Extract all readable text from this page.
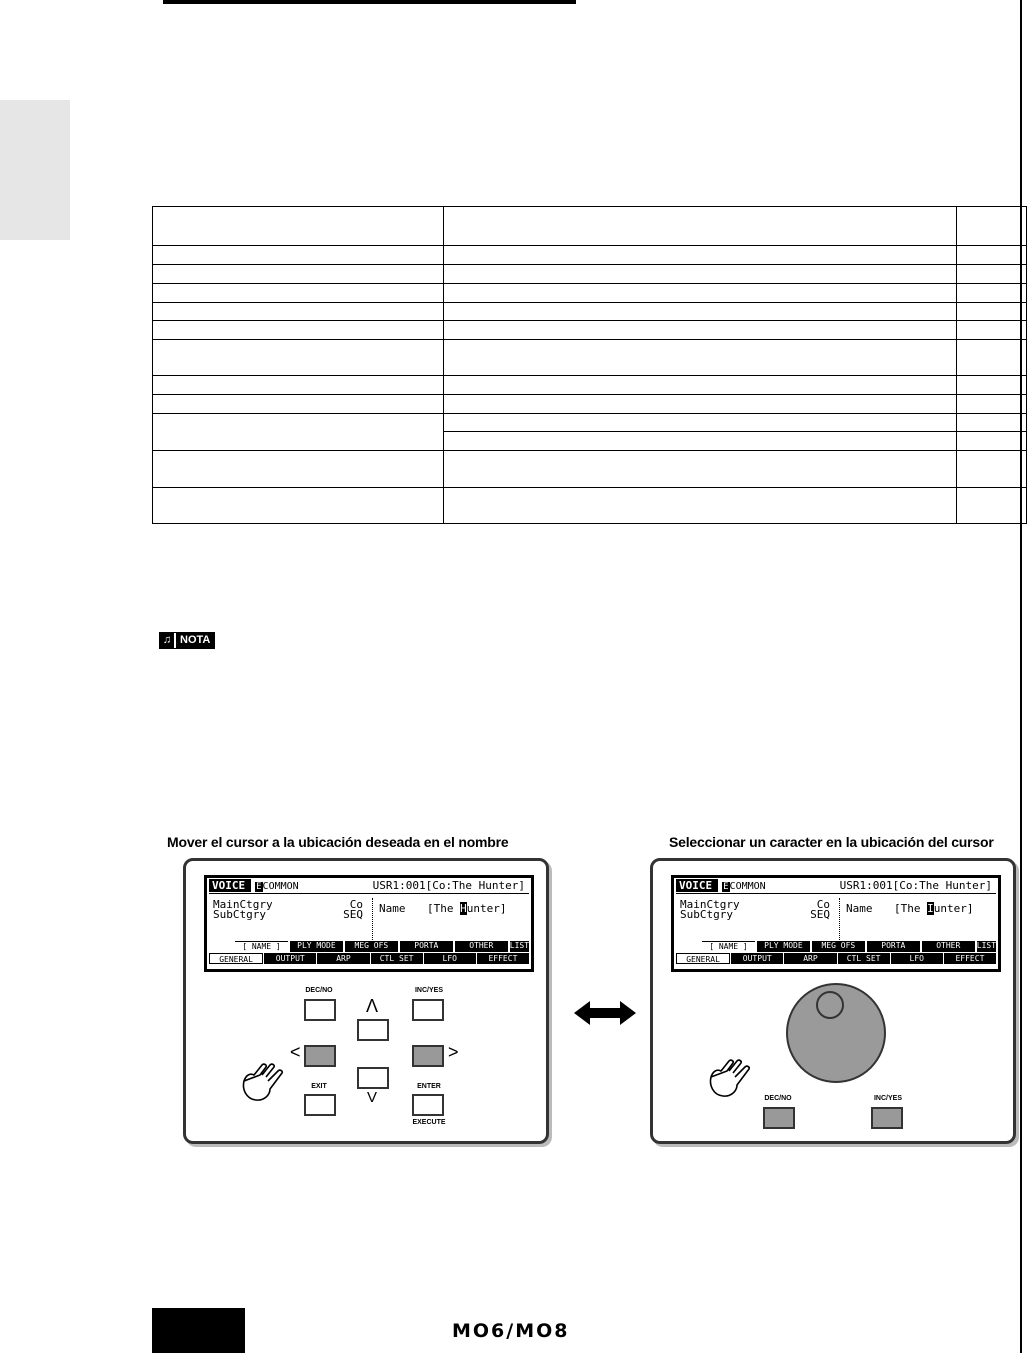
♫ NOTA
Mover el cursor a la ubicación deseada en el nombre	Seleccionar un caracter en la ubicación del cursor
VOICE ECOMMON	USR1:001[Co:The Hunter]
MainCtgry	Co
SubCtgry	SEQ Name [The Hunter]
[ NAME ]	PLY MODE	MEG OFS	PORTA	OTHER	LIST
GENERAL	OUTPUT	ARP	CTL SET	LFO	EFFECT
DEC/NO	INC/YES
Λ
<	>
V
EXIT	ENTER
EXECUTE
VOICE ECOMMON	USR1:001[Co:The Hunter]
MainCtgry	Co
SubCtgry	SEQ Name [The Iunter]
[ NAME ]	PLY MODE	MEG OFS	PORTA	OTHER	LIST
GENERAL	OUTPUT	ARP	CTL SET	LFO	EFFECT
DEC/NO	INC/YES
MO6/MO8
